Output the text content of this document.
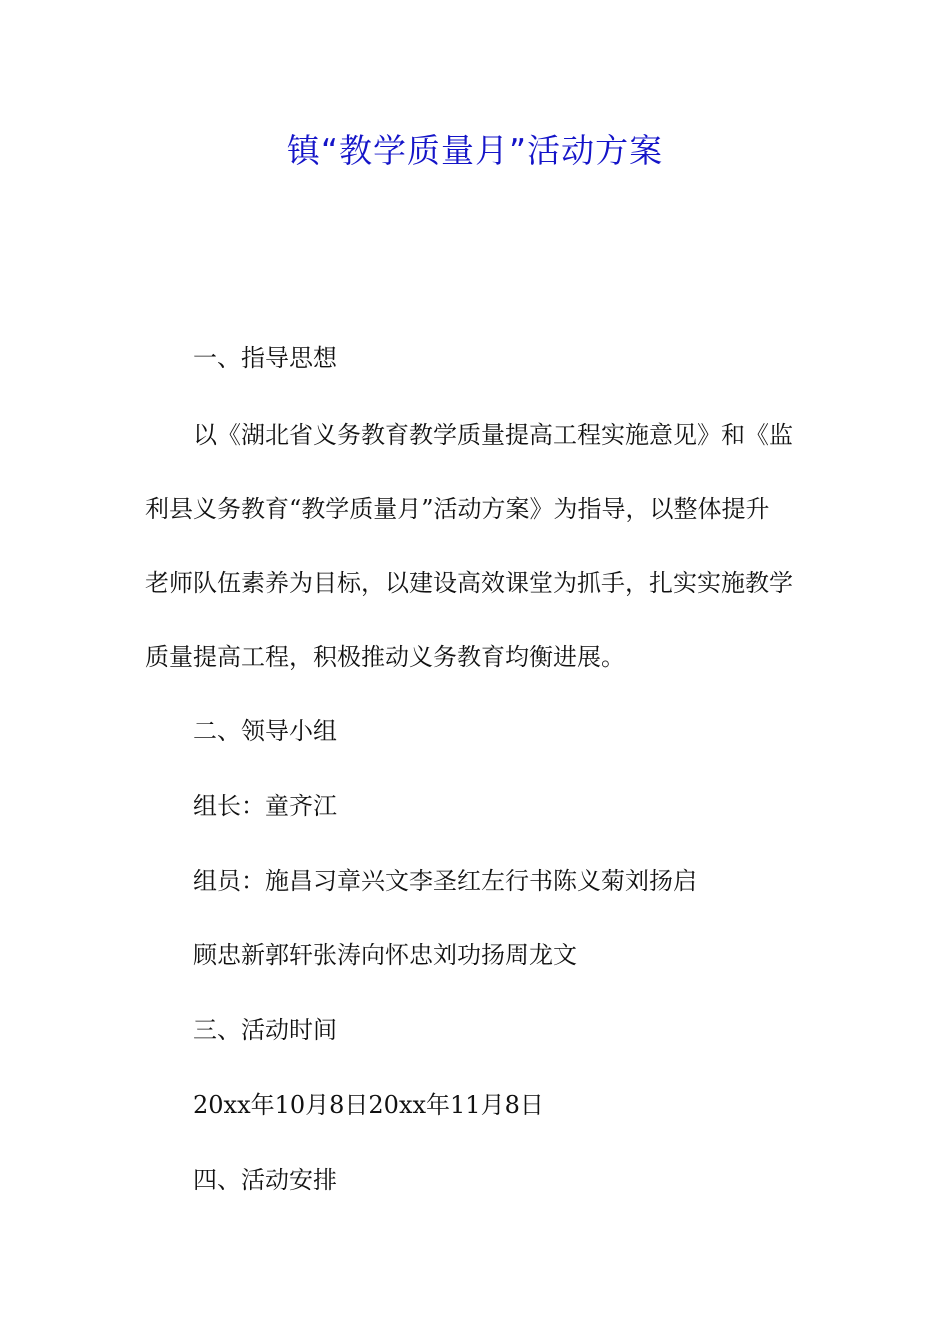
镇“教学质量月”活动方案
一、指导思想
以《湖北省义务教育教学质量提高工程实施意见》和《监
利县义务教育“教学质量月”活动方案》为指导，以整体提升
老师队伍素养为目标，以建设高效课堂为抓手，扎实实施教学
质量提高工程，积极推动义务教育均衡进展。
二、领导小组
组长：童齐江
组员：施昌习章兴文李圣红左行书陈义菊刘扬启
顾忠新郭轩张涛向怀忠刘功扬周龙文
三、活动时间
20xx年10月8日20xx年11月8日
四、活动安排
